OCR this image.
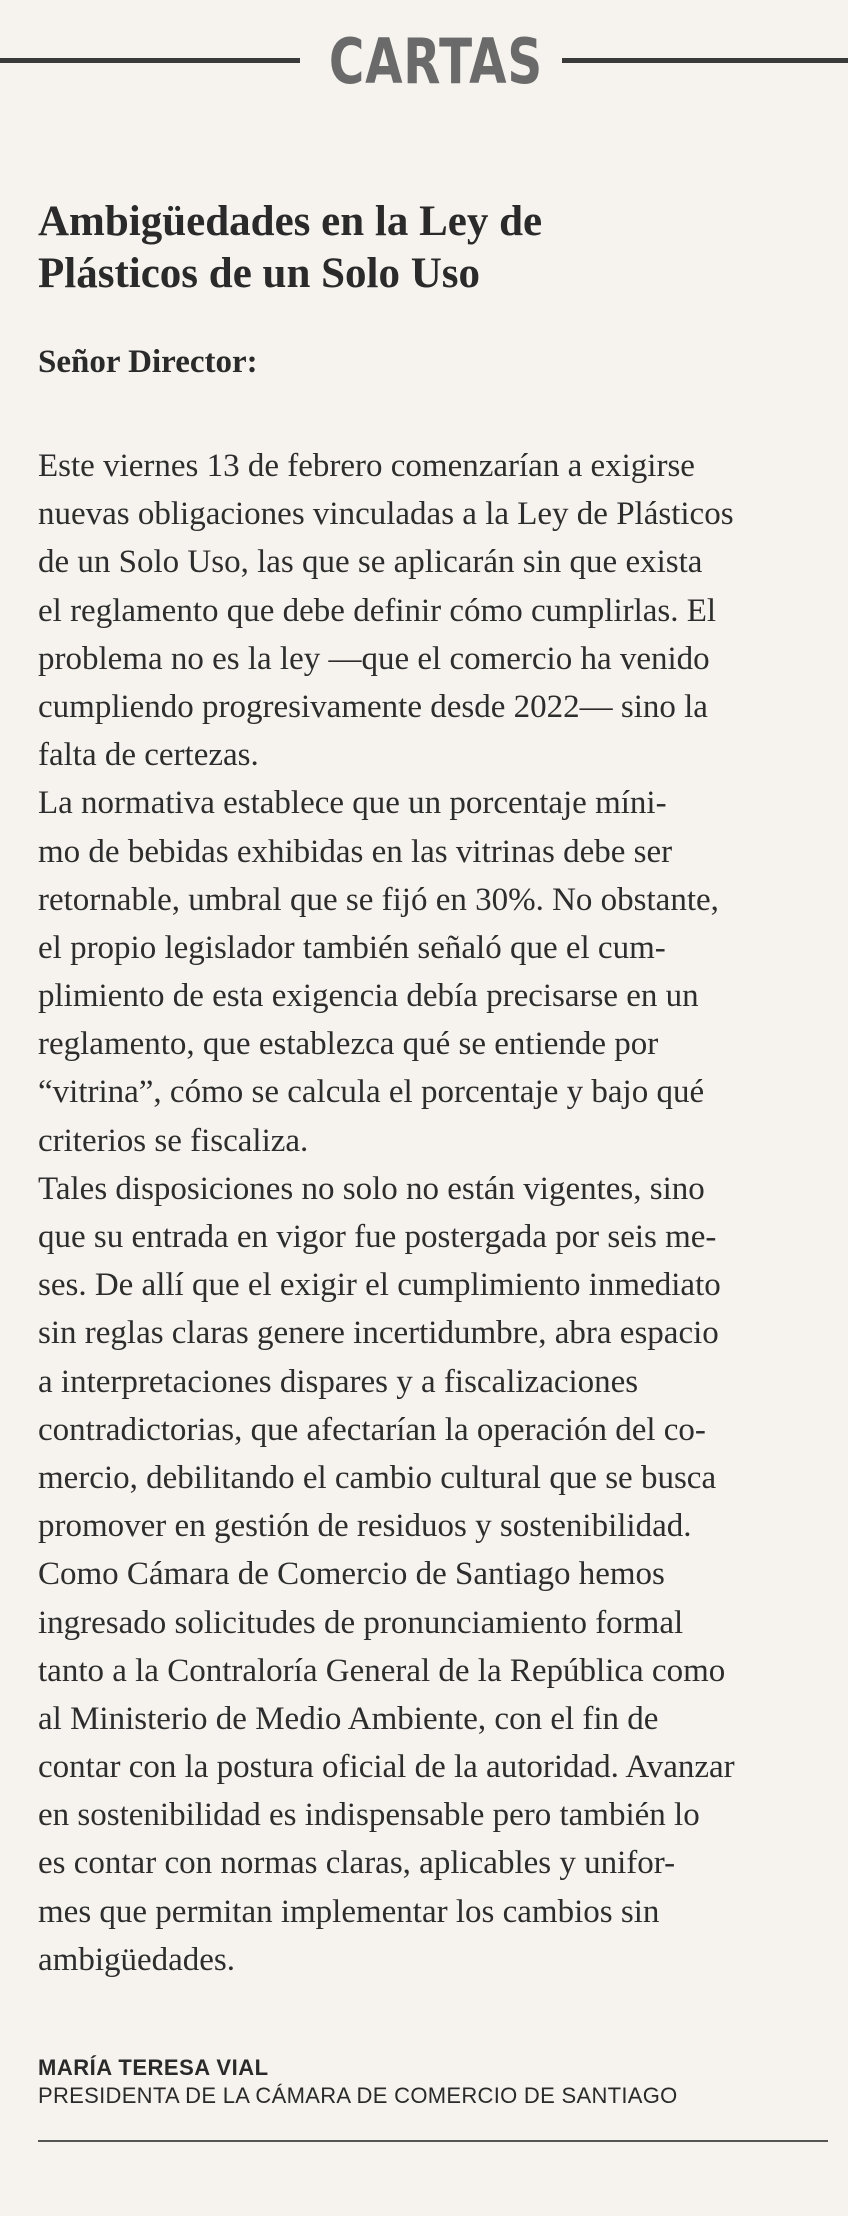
CARTAS
Ambigüedades en la Ley de
Plásticos de un Solo Uso
Señor Director:
Este viernes 13 de febrero comenzarían a exigirse
nuevas obligaciones vinculadas a la Ley de Plásticos
de un Solo Uso, las que se aplicarán sin que exista
el reglamento que debe definir cómo cumplirlas. El
problema no es la ley —que el comercio ha venido
cumpliendo progresivamente desde 2022— sino la
falta de certezas.
La normativa establece que un porcentaje míni-
mo de bebidas exhibidas en las vitrinas debe ser
retornable, umbral que se fijó en 30%. No obstante,
el propio legislador también señaló que el cum-
plimiento de esta exigencia debía precisarse en un
reglamento, que establezca qué se entiende por
“vitrina”, cómo se calcula el porcentaje y bajo qué
criterios se fiscaliza.
Tales disposiciones no solo no están vigentes, sino
que su entrada en vigor fue postergada por seis me-
ses. De allí que el exigir el cumplimiento inmediato
sin reglas claras genere incertidumbre, abra espacio
a interpretaciones dispares y a fiscalizaciones
contradictorias, que afectarían la operación del co-
mercio, debilitando el cambio cultural que se busca
promover en gestión de residuos y sostenibilidad.
Como Cámara de Comercio de Santiago hemos
ingresado solicitudes de pronunciamiento formal
tanto a la Contraloría General de la República como
al Ministerio de Medio Ambiente, con el fin de
contar con la postura oficial de la autoridad. Avanzar
en sostenibilidad es indispensable pero también lo
es contar con normas claras, aplicables y unifor-
mes que permitan implementar los cambios sin
ambigüedades.
MARÍA TERESA VIAL
PRESIDENTA DE LA CÁMARA DE COMERCIO DE SANTIAGO
